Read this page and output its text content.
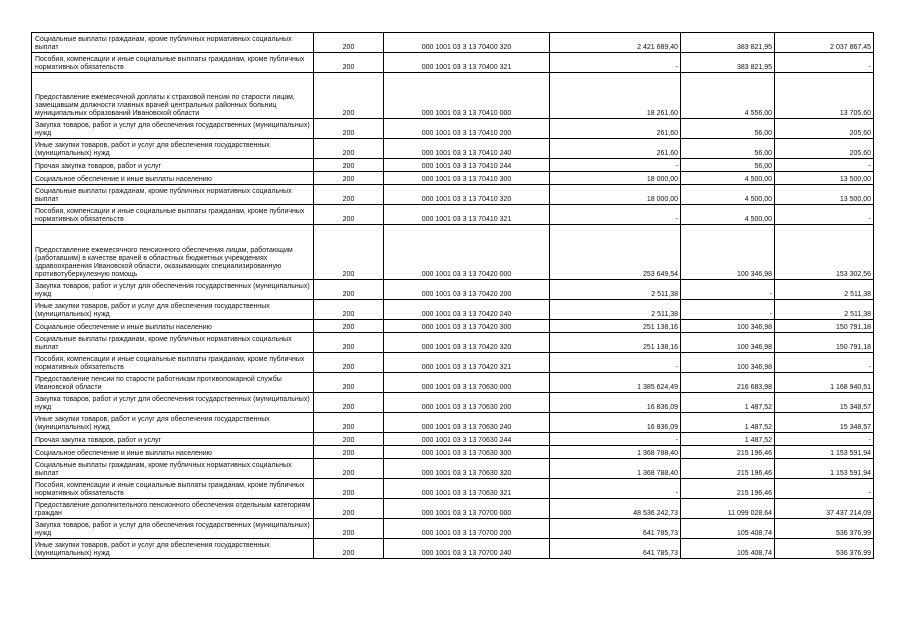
Социальные выплаты гражданам, кроме публичных нормативных социальных выплат	200	000 1001 03 3 13 70400 320	2 421 689,40	383 821,95	2 037 867,45
Пособия, компенсации и иные социальные выплаты гражданам, кроме публичных нормативных обязательств	200	000 1001 03 3 13 70400 321	-	383 821,95	-
Предоставление ежемесячной доплаты к страховой пенсии по старости лицам, замещавшим должности главных врачей центральных районных больниц муниципальных образований Ивановской области	200	000 1001 03 3 13 70410 000	18 261,60	4 556,00	13 705,60
Закупка товаров, работ и услуг для обеспечения государственных (муниципальных) нужд	200	000 1001 03 3 13 70410 200	261,60	56,00	205,60
Иные закупки товаров, работ и услуг для обеспечения государственных (муниципальных) нужд	200	000 1001 03 3 13 70410 240	261,60	56,00	205,60
Прочая закупка товаров, работ и услуг	200	000 1001 03 3 13 70410 244	-	56,00	-
Социальное обеспечение и иные выплаты населению	200	000 1001 03 3 13 70410 300	18 000,00	4 500,00	13 500,00
Социальные выплаты гражданам, кроме публичных нормативных социальных выплат	200	000 1001 03 3 13 70410 320	18 000,00	4 500,00	13 500,00
Пособия, компенсации и иные социальные выплаты гражданам, кроме публичных нормативных обязательств	200	000 1001 03 3 13 70410 321	-	4 500,00	-
Предоставление ежемесячного пенсионного обеспечения лицам, работающим (работавшим) в качестве врачей в областных бюджетных учреждениях здравоохранения Ивановской области, оказывающих специализированную противотуберкулезную помощь	200	000 1001 03 3 13 70420 000	253 649,54	100 346,98	153 302,56
Закупка товаров, работ и услуг для обеспечения государственных (муниципальных) нужд	200	000 1001 03 3 13 70420 200	2 511,38	-	2 511,38
Иные закупки товаров, работ и услуг для обеспечения государственных (муниципальных) нужд	200	000 1001 03 3 13 70420 240	2 511,38	-	2 511,38
Социальное обеспечение и иные выплаты населению	200	000 1001 03 3 13 70420 300	251 138,16	100 346,98	150 791,18
Социальные выплаты гражданам, кроме публичных нормативных социальных выплат	200	000 1001 03 3 13 70420 320	251 138,16	100 346,98	150 791,18
Пособия, компенсации и иные социальные выплаты гражданам, кроме публичных нормативных обязательств	200	000 1001 03 3 13 70420 321	-	100 346,98	-
Предоставление пенсии по старости работникам противопожарной службы Ивановской области	200	000 1001 03 3 13 70630 000	1 385 624,49	216 683,98	1 168 940,51
Закупка товаров, работ и услуг для обеспечения государственных (муниципальных) нужд	200	000 1001 03 3 13 70630 200	16 836,09	1 487,52	15 348,57
Иные закупки товаров, работ и услуг для обеспечения государственных (муниципальных) нужд	200	000 1001 03 3 13 70630 240	16 836,09	1 487,52	15 348,57
Прочая закупка товаров, работ и услуг	200	000 1001 03 3 13 70630 244	-	1 487,52	-
Социальное обеспечение и иные выплаты населению	200	000 1001 03 3 13 70630 300	1 368 788,40	215 196,46	1 153 591,94
Социальные выплаты гражданам, кроме публичных нормативных социальных выплат	200	000 1001 03 3 13 70630 320	1 368 788,40	215 196,46	1 153 591,94
Пособия, компенсации и иные социальные выплаты гражданам, кроме публичных нормативных обязательств	200	000 1001 03 3 13 70630 321	-	215 196,46	-
Предоставление дополнительного пенсионного обеспечения отдельным категориям граждан	200	000 1001 03 3 13 70700 000	48 536 242,73	11 099 028,64	37 437 214,09
Закупка товаров, работ и услуг для обеспечения государственных (муниципальных) нужд	200	000 1001 03 3 13 70700 200	641 785,73	105 408,74	536 376,99
Иные закупки товаров, работ и услуг для обеспечения государственных (муниципальных) нужд	200	000 1001 03 3 13 70700 240	641 785,73	105 408,74	536 376,99
